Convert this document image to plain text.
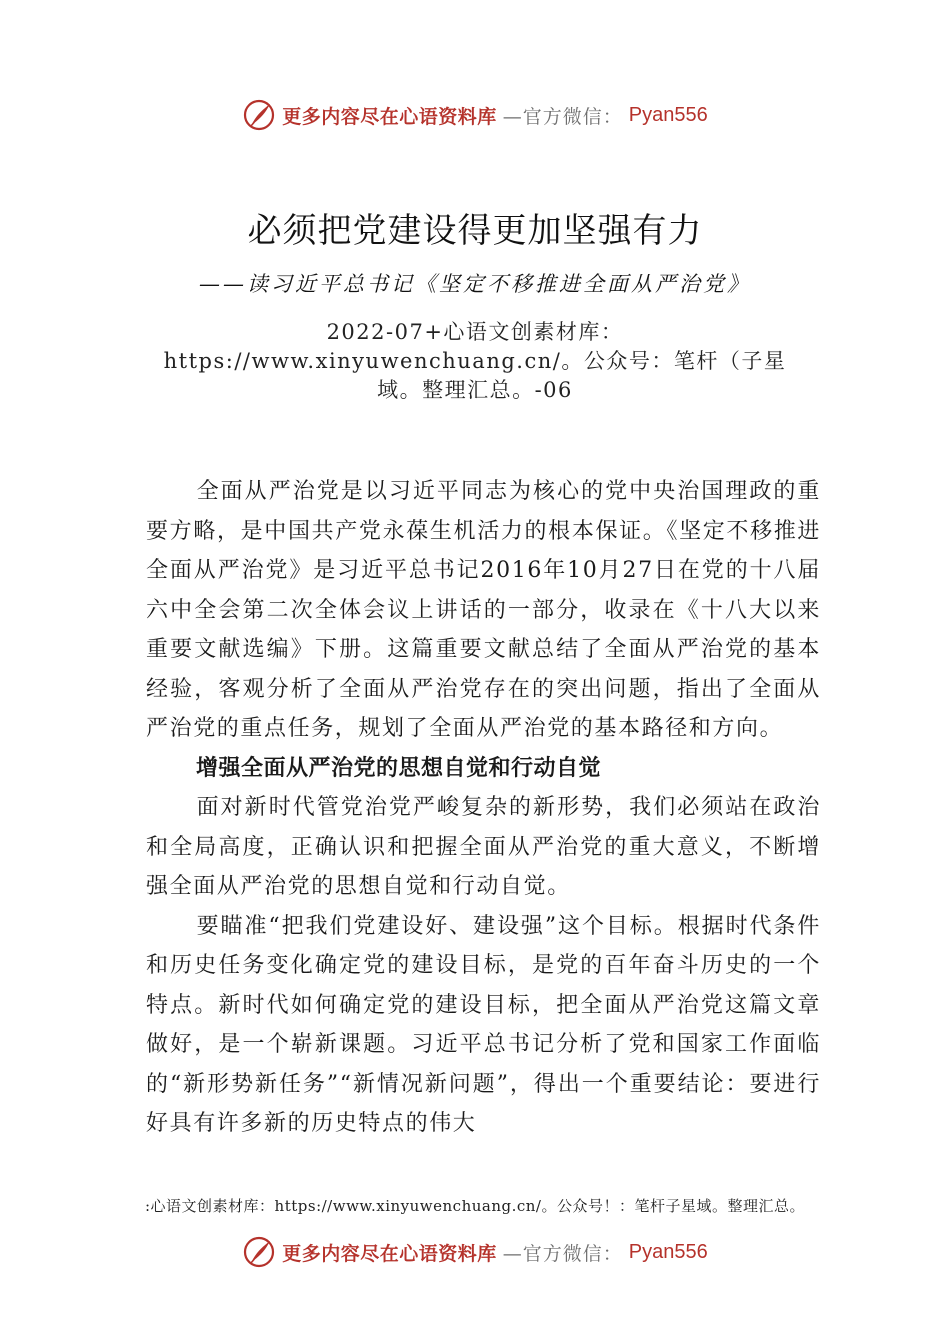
更多内容尽在心语资料库 —官方微信： Pyan556
必须把党建设得更加坚强有力
——读习近平总书记《坚定不移推进全面从严治党》
2022-07+心语文创素材库：https://www.xinyuwenchuang.cn/。公众号：笔杆（子星域。整理汇总。-06

全面从严治党是以习近平同志为核心的党中央治国理政的重要方略，是中国共产党永葆生机活力的根本保证。《坚定不移推进全面从严治党》是习近平总书记2016年10月27日在党的十八届六中全会第二次全体会议上讲话的一部分，收录在《十八大以来重要文献选编》下册。这篇重要文献总结了全面从严治党的基本经验，客观分析了全面从严治党存在的突出问题，指出了全面从严治党的重点任务，规划了全面从严治党的基本路径和方向。

增强全面从严治党的思想自觉和行动自觉

面对新时代管党治党严峻复杂的新形势，我们必须站在政治和全局高度，正确认识和把握全面从严治党的重大意义，不断增强全面从严治党的思想自觉和行动自觉。

要瞄准“把我们党建设好、建设强”这个目标。根据时代条件和历史任务变化确定党的建设目标，是党的百年奋斗历史的一个特点。新时代如何确定党的建设目标，把全面从严治党这篇文章做好，是一个崭新课题。习近平总书记分析了党和国家工作面临的“新形势新任务”“新情况新问题”，得出一个重要结论：要进行好具有许多新的历史特点的伟大

:心语文创素材库：https://www.xinyuwenchuang.cn/。公众号！：笔杆子星域。整理汇总。
更多内容尽在心语资料库 —官方微信： Pyan556
